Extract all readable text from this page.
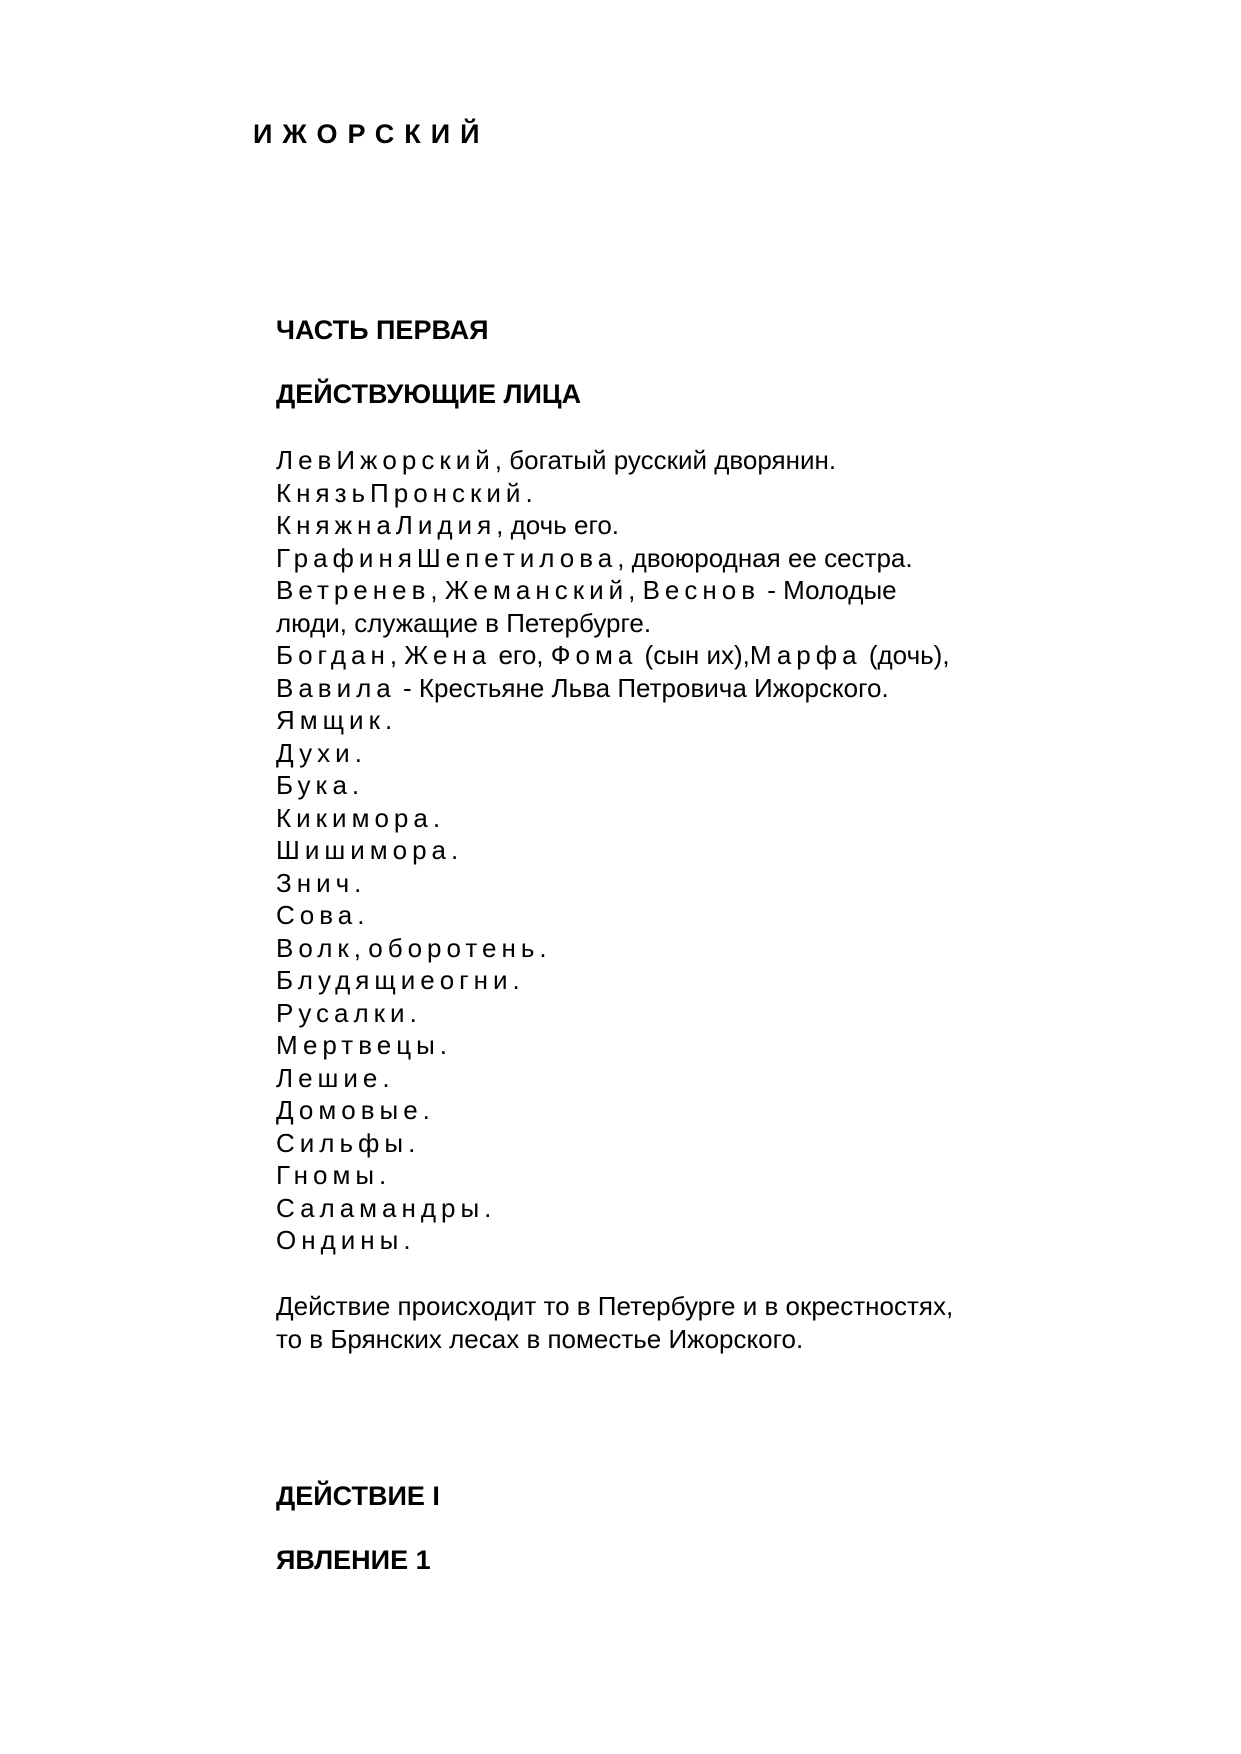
ИЖОРСКИЙ
ЧАСТЬ ПЕРВАЯ
ДЕЙСТВУЮЩИЕ ЛИЦА
ЛевИжорский, богатый русский дворянин.
КнязьПронский.
КняжнаЛидия, дочь его.
ГрафиняШепетилова, двоюродная ее сестра.
Ветренев, Жеманский, Веснов - Молодые
люди, служащие в Петербурге.
Богдан, Жена его, Фома (сын их),Марфа (дочь),
Вавила - Крестьяне Льва Петровича Ижорского.
Ямщик.
Духи.
Бука.
Кикимора.
Шишимора.
Знич.
Сова.
Волк, оборотень.
Блудящиеогни.
Русалки.
Мертвецы.
Лешие.
Домовые.
Сильфы.
Гномы.
Саламандры.
Ондины.
Действие происходит то в Петербурге и в окрестностях,
то в Брянских лесах в поместье Ижорского.
ДЕЙСТВИЕ I
ЯВЛЕНИЕ 1
